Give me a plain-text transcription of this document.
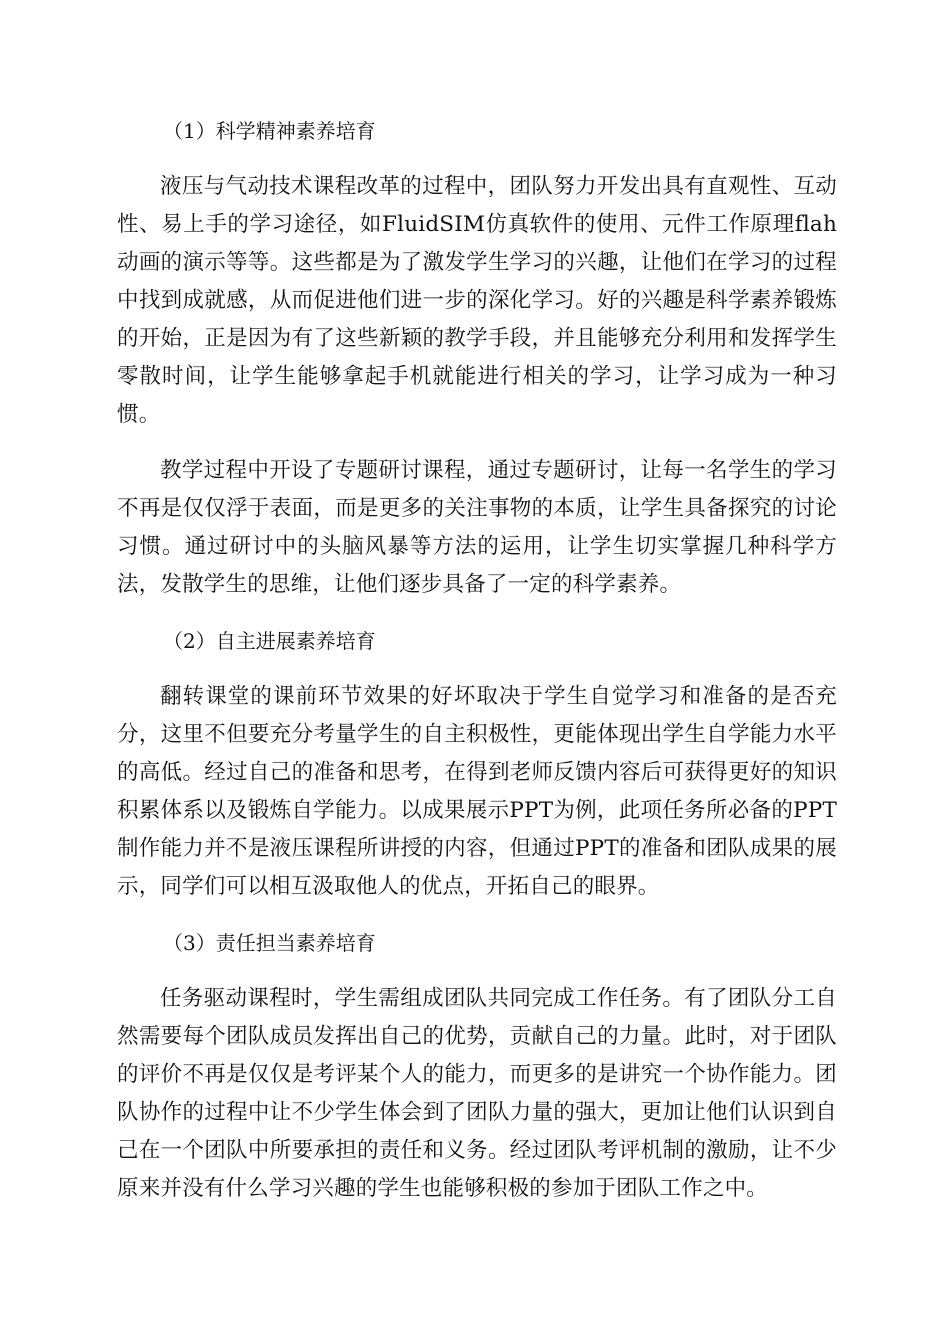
（1）科学精神素养培育

液压与气动技术课程改革的过程中，团队努力开发出具有直观性、互动性、易上手的学习途径，如FluidSIM仿真软件的使用、元件工作原理flah动画的演示等等。这些都是为了激发学生学习的兴趣，让他们在学习的过程中找到成就感，从而促进他们进一步的深化学习。好的兴趣是科学素养锻炼的开始，正是因为有了这些新颖的教学手段，并且能够充分利用和发挥学生零散时间，让学生能够拿起手机就能进行相关的学习，让学习成为一种习惯。

教学过程中开设了专题研讨课程，通过专题研讨，让每一名学生的学习不再是仅仅浮于表面，而是更多的关注事物的本质，让学生具备探究的讨论习惯。通过研讨中的头脑风暴等方法的运用，让学生切实掌握几种科学方法，发散学生的思维，让他们逐步具备了一定的科学素养。

（2）自主进展素养培育

翻转课堂的课前环节效果的好坏取决于学生自觉学习和准备的是否充分，这里不但要充分考量学生的自主积极性，更能体现出学生自学能力水平的高低。经过自己的准备和思考，在得到老师反馈内容后可获得更好的知识积累体系以及锻炼自学能力。以成果展示PPT为例，此项任务所必备的PPT制作能力并不是液压课程所讲授的内容，但通过PPT的准备和团队成果的展示，同学们可以相互汲取他人的优点，开拓自己的眼界。

（3）责任担当素养培育

任务驱动课程时，学生需组成团队共同完成工作任务。有了团队分工自然需要每个团队成员发挥出自己的优势，贡献自己的力量。此时，对于团队的评价不再是仅仅是考评某个人的能力，而更多的是讲究一个协作能力。团队协作的过程中让不少学生体会到了团队力量的强大，更加让他们认识到自己在一个团队中所要承担的责任和义务。经过团队考评机制的激励，让不少原来并没有什么学习兴趣的学生也能够积极的参加于团队工作之中。
